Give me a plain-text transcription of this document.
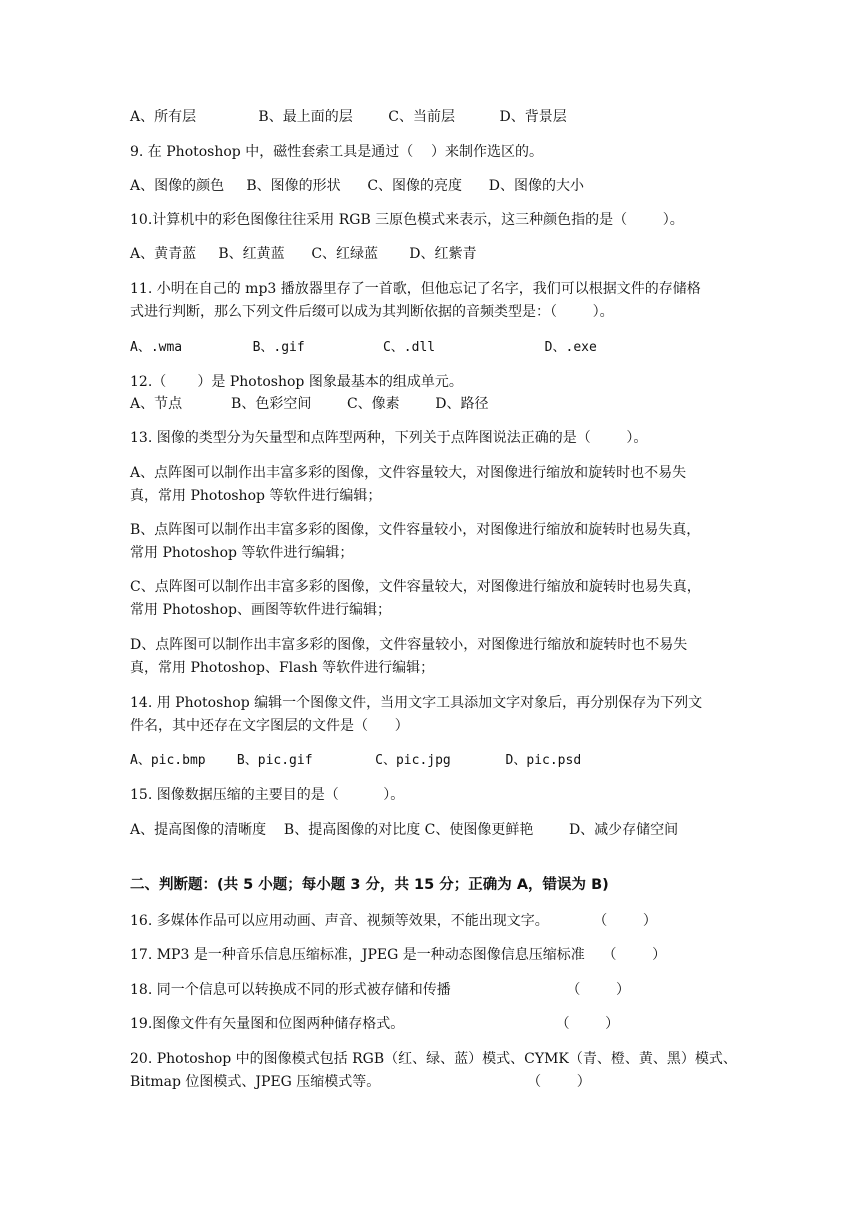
A、所有层              B、最上面的层        C、当前层          D、背景层
9. 在 Photoshop 中，磁性套索工具是通过（    ）来制作选区的。
A、图像的颜色     B、图像的形状      C、图像的亮度      D、图像的大小
10.计算机中的彩色图像往往采用 RGB 三原色模式来表示，这三种颜色指的是（        ）。
A、黄青蓝     B、红黄蓝      C、红绿蓝       D、红紫青
11. 小明在自己的 mp3 播放器里存了一首歌，但他忘记了名字，我们可以根据文件的存储格
式进行判断，那么下列文件后缀可以成为其判断依据的音频类型是：（        ）。
A、.wma         B、.gif          C、.dll              D、.exe
12.（       ）是 Photoshop 图象最基本的组成单元。
A、节点           B、色彩空间        C、像素        D、路径
13. 图像的类型分为矢量型和点阵型两种，下列关于点阵图说法正确的是（        ）。
A、点阵图可以制作出丰富多彩的图像，文件容量较大，对图像进行缩放和旋转时也不易失
真，常用 Photoshop 等软件进行编辑；
B、点阵图可以制作出丰富多彩的图像，文件容量较小，对图像进行缩放和旋转时也易失真，
常用 Photoshop 等软件进行编辑；
C、点阵图可以制作出丰富多彩的图像，文件容量较大，对图像进行缩放和旋转时也易失真，
常用 Photoshop、画图等软件进行编辑；
D、点阵图可以制作出丰富多彩的图像，文件容量较小，对图像进行缩放和旋转时也不易失
真，常用 Photoshop、Flash 等软件进行编辑；
14. 用 Photoshop 编辑一个图像文件，当用文字工具添加文字对象后，再分别保存为下列文
件名，其中还存在文字图层的文件是（      ）
A、pic.bmp    B、pic.gif        C、pic.jpg       D、pic.psd
15. 图像数据压缩的主要目的是（          ）。
A、提高图像的清晰度    B、提高图像的对比度 C、使图像更鲜艳        D、减少存储空间
二、判断题：(共 5 小题；每小题 3 分，共 15 分；正确为 A，错误为 B)
16. 多媒体作品可以应用动画、声音、视频等效果，不能出现文字。          （        ）
17. MP3 是一种音乐信息压缩标准，JPEG 是一种动态图像信息压缩标准    （        ）
18. 同一个信息可以转换成不同的形式被存储和传播                          （        ）
19.图像文件有矢量图和位图两种储存格式。                                  （        ）
20. Photoshop 中的图像模式包括 RGB（红、绿、蓝）模式、CYMK（青、橙、黄、黑）模式、
Bitmap 位图模式、JPEG 压缩模式等。                                 （        ）
